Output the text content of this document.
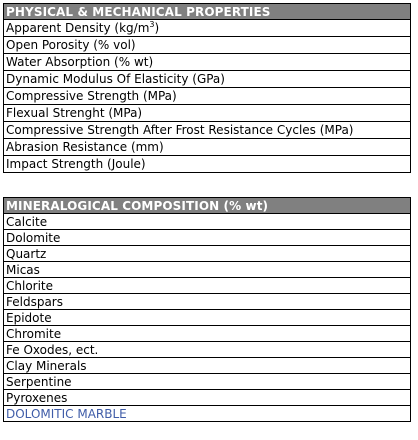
PHYSICAL & MECHANICAL PROPERTIES
Apparent Density $(kg/m^3)$
Open Porosity (% vol)
Water Absorption (% wt)
Dynamic Modulus Of Elasticity (GPa)
Compressive Strength (MPa)
Flexual Strenght (MPa)
Compressive Strength After Frost Resistance Cycles (MPa)
Abrasion Resistance (mm)
Impact Strength (Joule)
MINERALOGICAL COMPOSITION (% wt)
Calcite
Dolomite
Quartz
Micas
Chlorite
Feldspars
Epidote
Chromite
Fe Oxodes, ect.
Clay Minerals
Serpentine
Pyroxenes
DOLOMITIC MARBLE
